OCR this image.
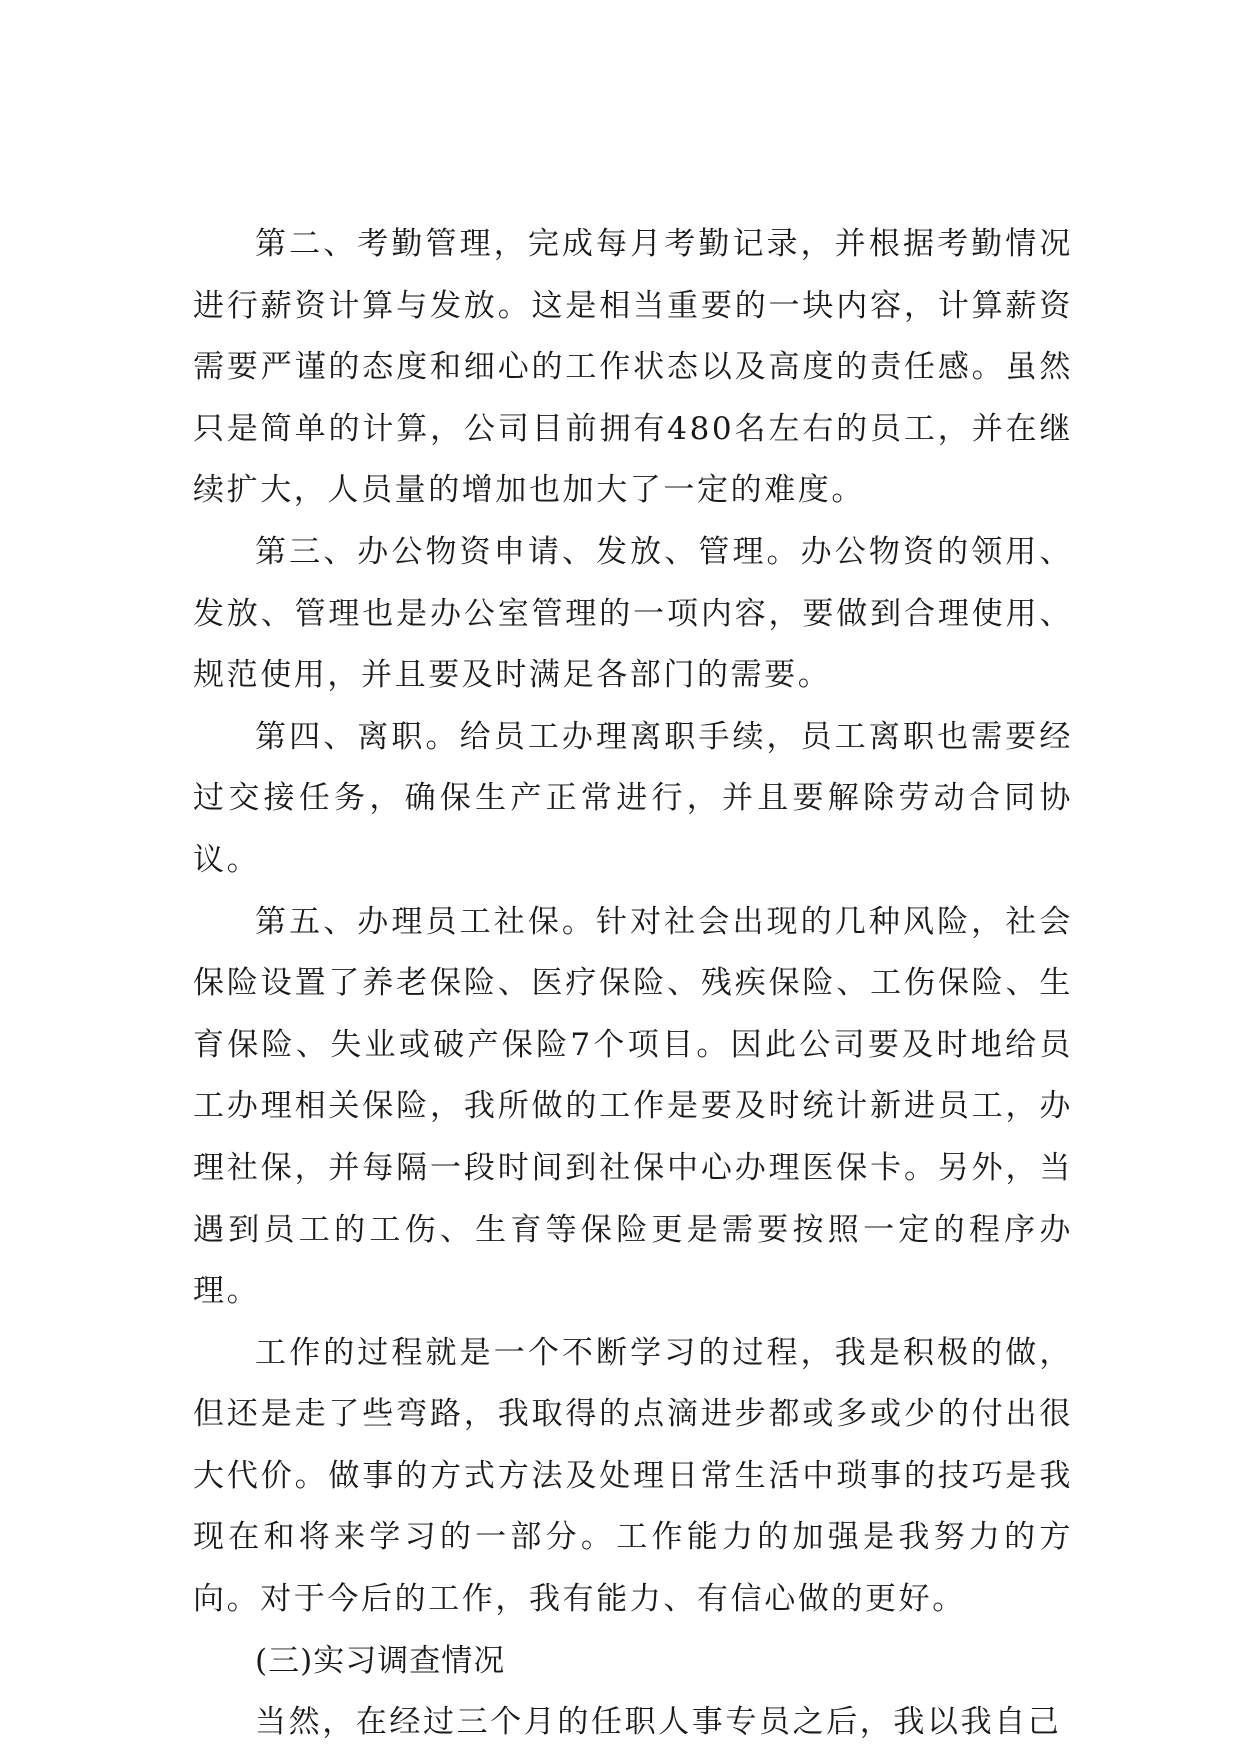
第二、考勤管理，完成每月考勤记录，并根据考勤情况进行薪资计算与发放。这是相当重要的一块内容，计算薪资需要严谨的态度和细心的工作状态以及高度的责任感。虽然只是简单的计算，公司目前拥有480名左右的员工，并在继续扩大，人员量的增加也加大了一定的难度。

第三、办公物资申请、发放、管理。办公物资的领用、发放、管理也是办公室管理的一项内容，要做到合理使用、规范使用，并且要及时满足各部门的需要。

第四、离职。给员工办理离职手续，员工离职也需要经过交接任务，确保生产正常进行，并且要解除劳动合同协议。

第五、办理员工社保。针对社会出现的几种风险，社会保险设置了养老保险、医疗保险、残疾保险、工伤保险、生育保险、失业或破产保险7个项目。因此公司要及时地给员工办理相关保险，我所做的工作是要及时统计新进员工，办理社保，并每隔一段时间到社保中心办理医保卡。另外，当遇到员工的工伤、生育等保险更是需要按照一定的程序办理。

工作的过程就是一个不断学习的过程，我是积极的做，但还是走了些弯路，我取得的点滴进步都或多或少的付出很大代价。做事的方式方法及处理日常生活中琐事的技巧是我现在和将来学习的一部分。工作能力的加强是我努力的方向。对于今后的工作，我有能力、有信心做的更好。

(三)实习调查情况

当然，在经过三个月的任职人事专员之后，我以我自己
